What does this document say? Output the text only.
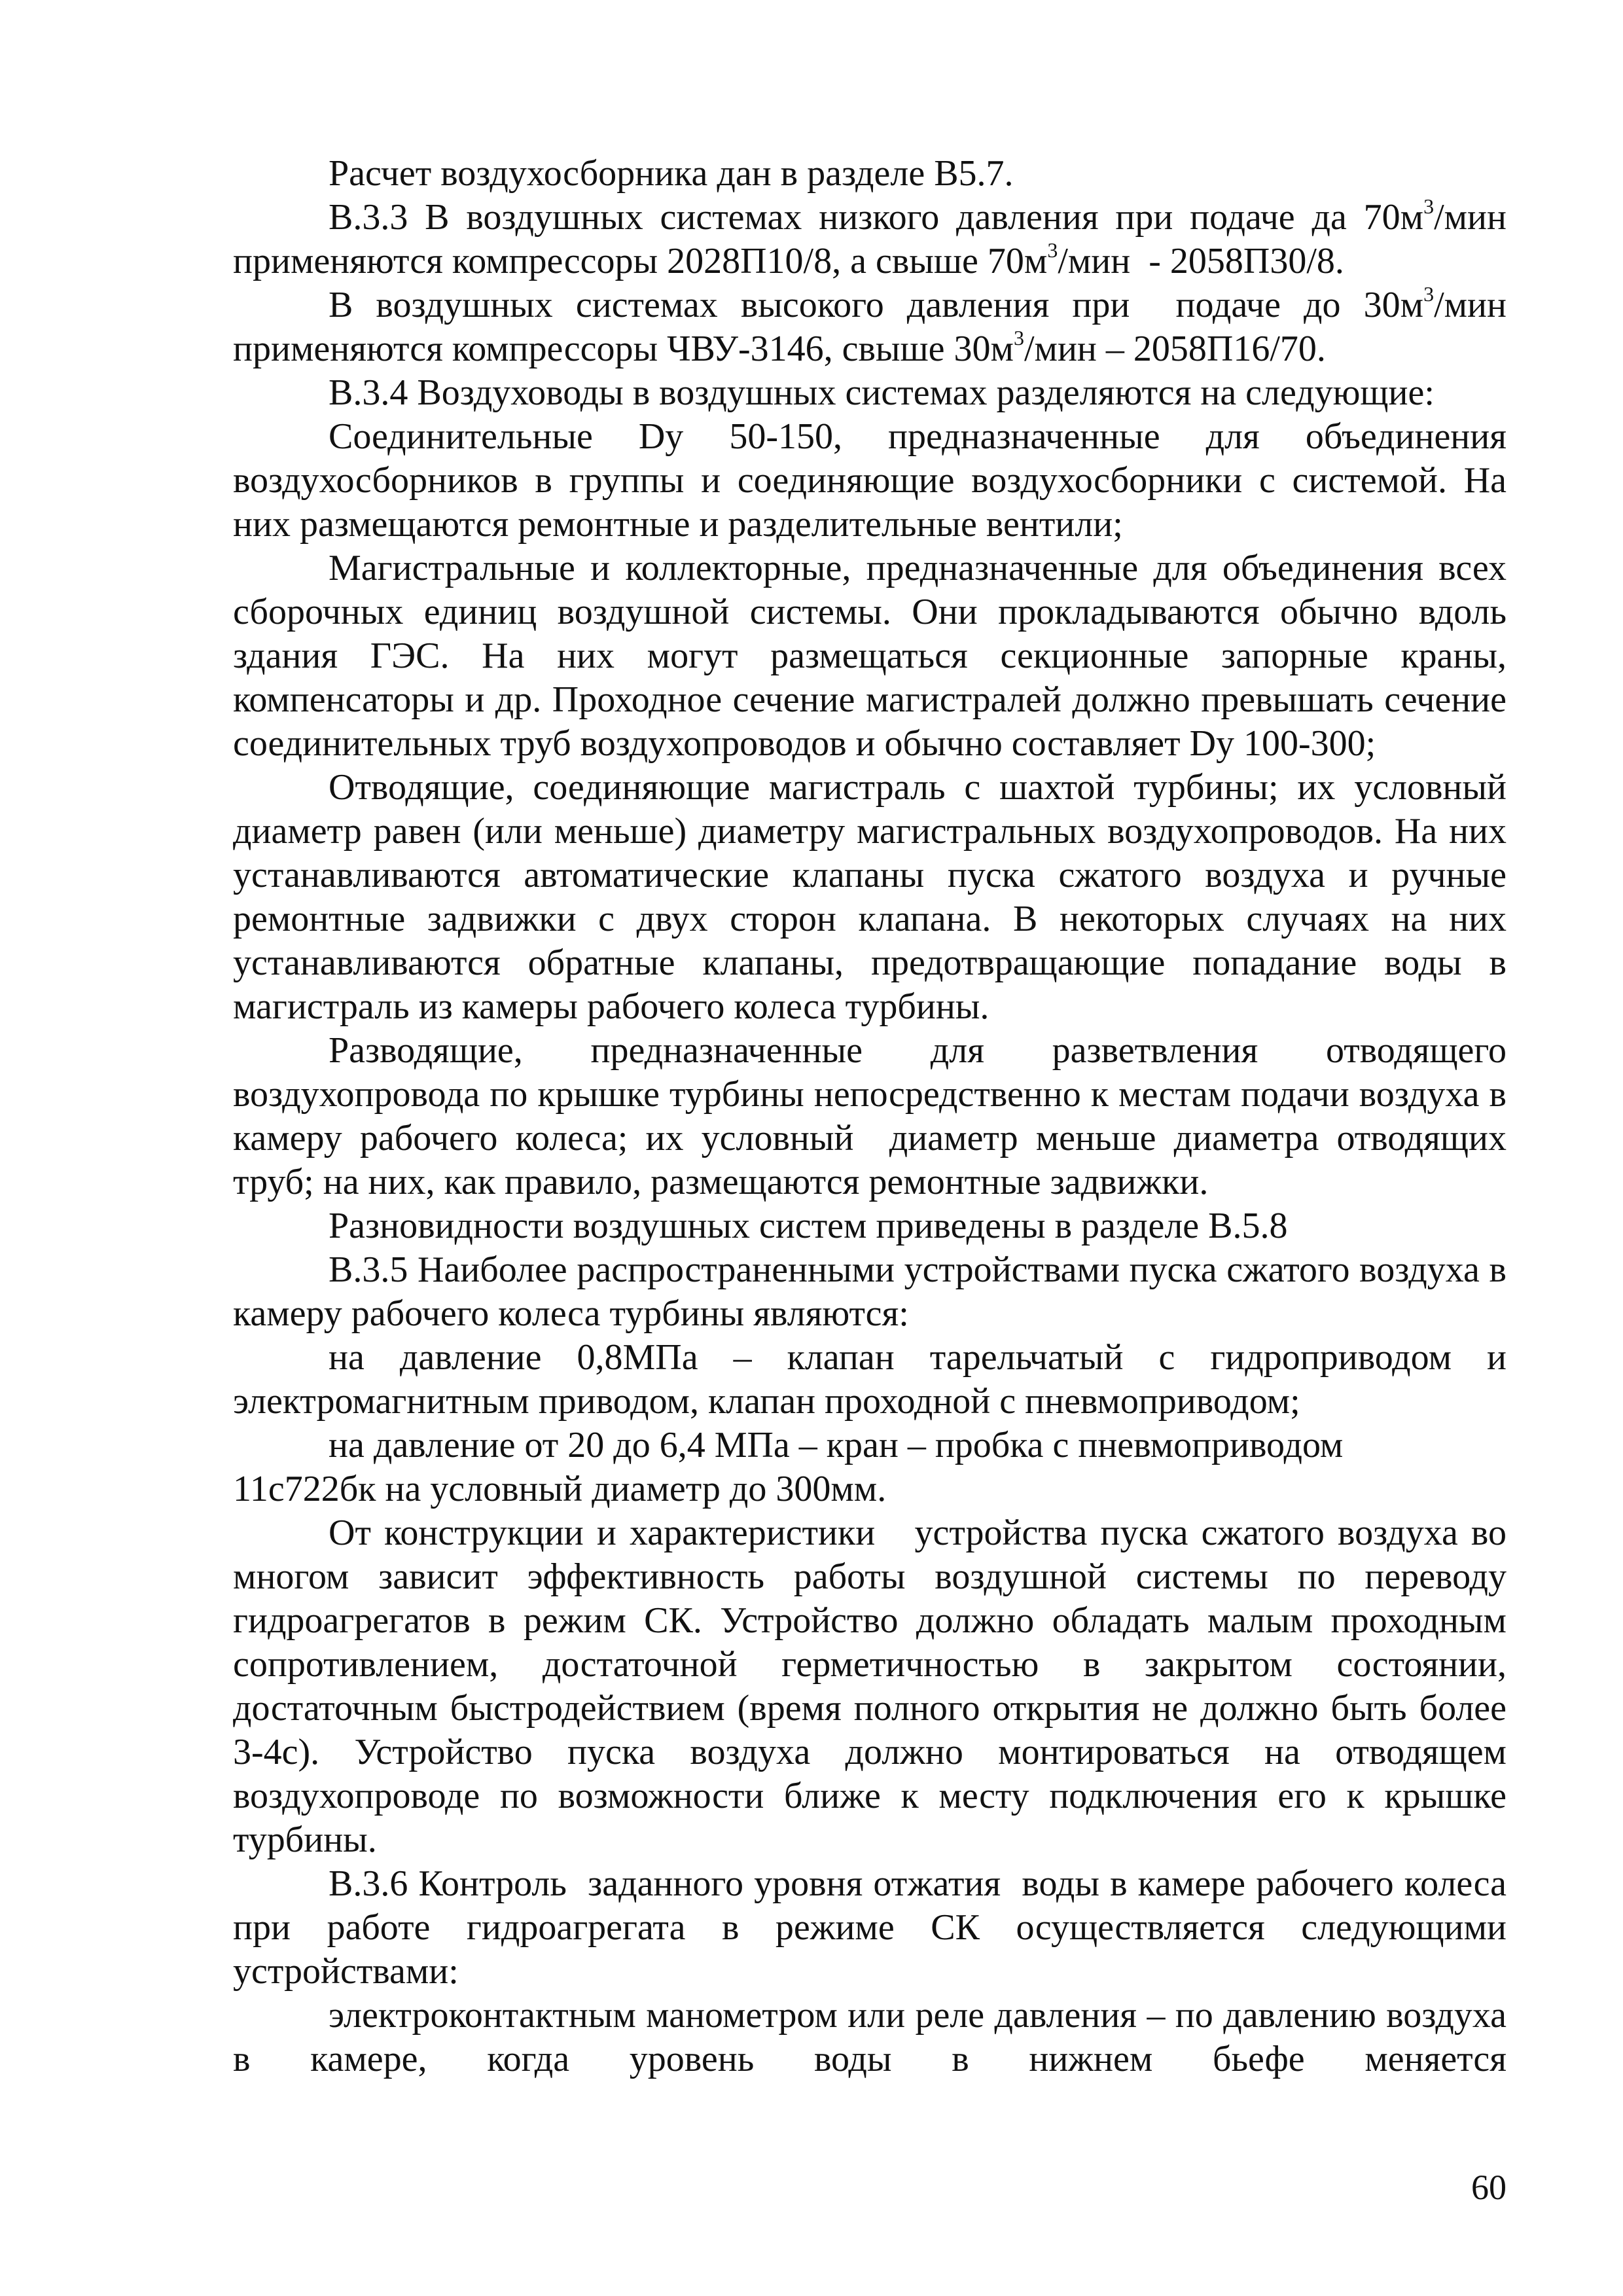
Расчет воздухосборника дан в разделе В5.7.

В.3.3 В воздушных системах низкого давления при подаче да $70м^3$/мин применяются компрессоры 2028П10/8, а свыше $70м^3$/мин  - 2058П30/8.

В воздушных системах высокого давления при  подаче до $30м^3$/мин применяются компрессоры ЧВУ-3146, свыше $30м^3$/мин – 2058П16/70.

В.3.4 Воздуховоды в воздушных системах разделяются на следующие:

Соединительные Dy 50-150, предназначенные для объединения воздухосборников в группы и соединяющие воздухосборники с системой. На них размещаются ремонтные и разделительные вентили;

Магистральные и коллекторные, предназначенные для объединения всех сборочных единиц воздушной системы. Они прокладываются обычно вдоль здания ГЭС. На них могут размещаться секционные запорные краны, компенсаторы и др. Проходное сечение магистралей должно превышать сечение соединительных труб воздухопроводов и обычно составляет Dy 100-300;

Отводящие, соединяющие магистраль с шахтой турбины; их условный диаметр равен (или меньше) диаметру магистральных воздухопроводов. На них устанавливаются автоматические клапаны пуска сжатого воздуха и ручные ремонтные задвижки с двух сторон клапана. В некоторых случаях на них устанавливаются обратные клапаны, предотвращающие попадание воды в магистраль из камеры рабочего колеса турбины.

Разводящие, предназначенные для разветвления отводящего воздухопровода по крышке турбины непосредственно к местам подачи воздуха в камеру рабочего колеса; их условный  диаметр меньше диаметра отводящих труб; на них, как правило, размещаются ремонтные задвижки.

Разновидности воздушных систем приведены в разделе В.5.8

В.3.5 Наиболее распространенными устройствами пуска сжатого воздуха в камеру рабочего колеса турбины являются:

на давление 0,8МПа – клапан тарельчатый с гидроприводом и электромагнитным приводом, клапан проходной с пневмоприводом;

на давление от 20 до 6,4 МПа – кран – пробка с пневмоприводом
11с722бк на условный диаметр до 300мм.

От конструкции и характеристики   устройства пуска сжатого воздуха во многом зависит эффективность работы воздушной системы по переводу гидроагрегатов в режим СК. Устройство должно обладать малым проходным сопротивлением, достаточной герметичностью в закрытом состоянии, достаточным быстродействием (время полного открытия не должно быть более 3-4с). Устройство пуска воздуха должно монтироваться на отводящем воздухопроводе по возможности ближе к месту подключения его к крышке турбины.

В.3.6 Контроль  заданного уровня отжатия  воды в камере рабочего колеса при работе гидроагрегата в режиме СК осуществляется следующими устройствами:

электроконтактным манометром или реле давления – по давлению воздуха в камере, когда уровень воды в нижнем бьефе меняется

60
